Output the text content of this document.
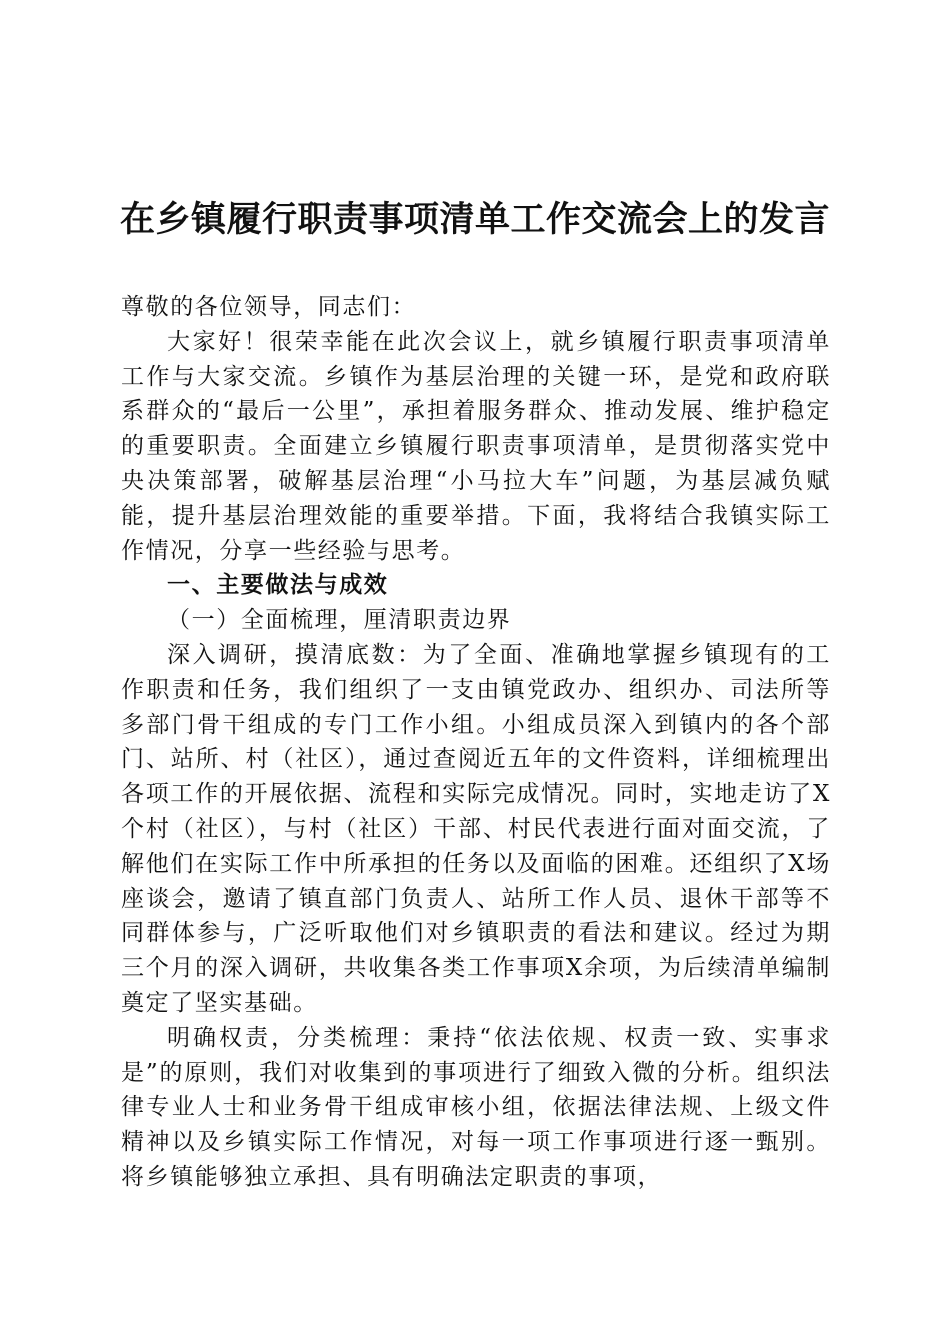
在乡镇履行职责事项清单工作交流会上的发言

尊敬的各位领导，同志们：

大家好！很荣幸能在此次会议上，就乡镇履行职责事项清单工作与大家交流。乡镇作为基层治理的关键一环，是党和政府联系群众的“最后一公里”，承担着服务群众、推动发展、维护稳定的重要职责。全面建立乡镇履行职责事项清单，是贯彻落实党中央决策部署，破解基层治理“小马拉大车”问题，为基层减负赋能，提升基层治理效能的重要举措。下面，我将结合我镇实际工作情况，分享一些经验与思考。

一、主要做法与成效

（一）全面梳理，厘清职责边界

深入调研，摸清底数：为了全面、准确地掌握乡镇现有的工作职责和任务，我们组织了一支由镇党政办、组织办、司法所等多部门骨干组成的专门工作小组。小组成员深入到镇内的各个部门、站所、村（社区），通过查阅近五年的文件资料，详细梳理出各项工作的开展依据、流程和实际完成情况。同时，实地走访了X个村（社区），与村（社区）干部、村民代表进行面对面交流，了解他们在实际工作中所承担的任务以及面临的困难。还组织了X场座谈会，邀请了镇直部门负责人、站所工作人员、退休干部等不同群体参与，广泛听取他们对乡镇职责的看法和建议。经过为期三个月的深入调研，共收集各类工作事项X余项，为后续清单编制奠定了坚实基础。

明确权责，分类梳理：秉持“依法依规、权责一致、实事求是”的原则，我们对收集到的事项进行了细致入微的分析。组织法律专业人士和业务骨干组成审核小组，依据法律法规、上级文件精神以及乡镇实际工作情况，对每一项工作事项进行逐一甄别。将乡镇能够独立承担、具有明确法定职责的事项，
